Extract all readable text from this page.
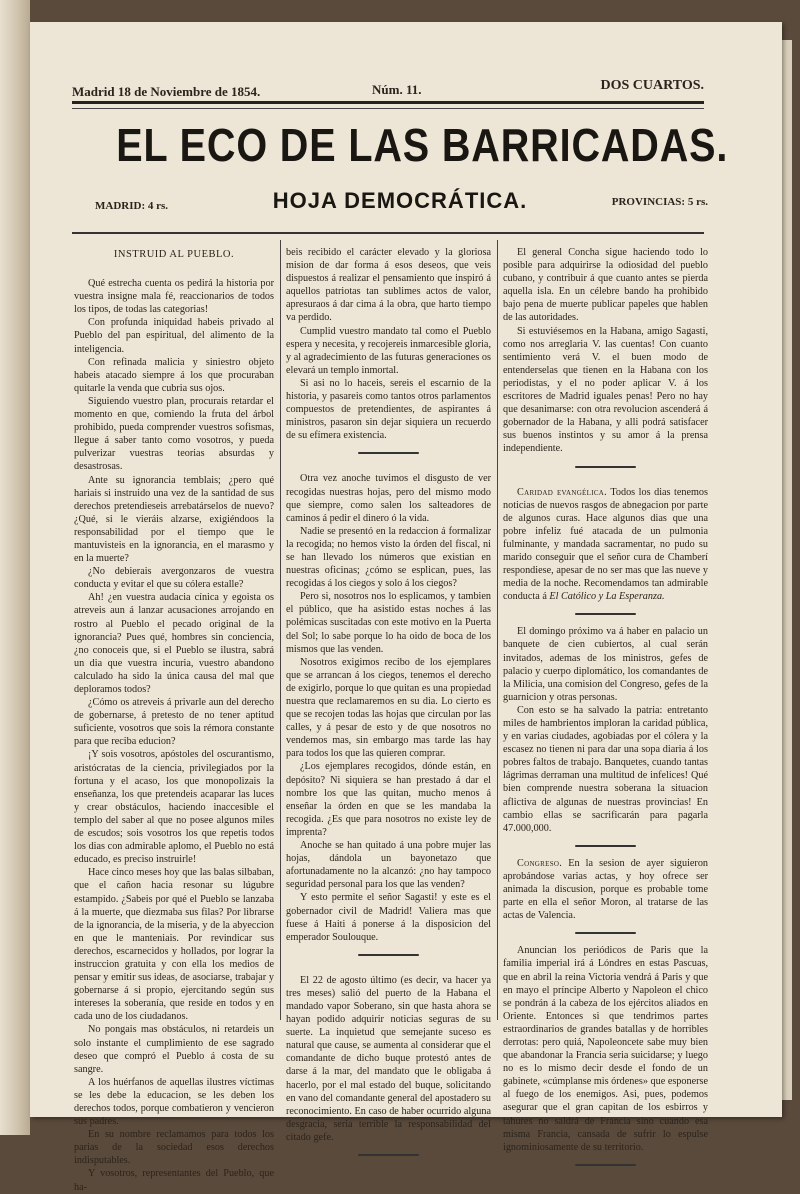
Madrid 18 de Noviembre de 1854.	Núm. 11.	DOS CUARTOS.
EL ECO DE LAS BARRICADAS.
MADRID: 4 rs.	HOJA DEMOCRÁTICA.	PROVINCIAS: 5 rs.

INSTRUID AL PUEBLO.

Qué estrecha cuenta os pedirá la historia por vuestra insigne mala fé, reaccionarios de todos los tipos, de todas las categorias!

Con profunda iniquidad habeis privado al Pueblo del pan espiritual, del alimento de la inteligencia.

Con refinada malicia y siniestro objeto habeis atacado siempre á los que procuraban quitarle la venda que cubria sus ojos.

Siguiendo vuestro plan, procurais retardar el momento en que, comiendo la fruta del árbol prohibido, pueda comprender vuestros sofismas, llegue á saber tanto como vosotros, y pueda pulverizar vuestras teorias absurdas y desastrosas.

Ante su ignorancia temblais; ¿pero qué hariais si instruido una vez de la santidad de sus derechos pretendieseis arrebatárselos de nuevo? ¿Qué, si le vieráis alzarse, exigiéndoos la responsabilidad por el tiempo que le mantuvisteis en la ignorancia, en el marasmo y en la muerte?

¿No debierais avergonzaros de vuestra conducta y evitar el que su cólera estalle?

Ah! ¿en vuestra audacia cínica y egoista os atreveis aun á lanzar acusaciones arrojando en rostro al Pueblo el pecado original de la ignorancia? Pues qué, hombres sin conciencia, ¿no conoceis que, si el Pueblo se ilustra, sabrá un dia que vuestra incuria, vuestro abandono calculado ha sido la única causa del mal que deploramos todos?

¿Cómo os atreveis á privarle aun del derecho de gobernarse, á pretesto de no tener aptitud suficiente, vosotros que sois la rémora constante para que reciba educion?

¡Y sois vosotros, apóstoles del oscurantismo, aristócratas de la ciencia, privilegiados por la fortuna y el acaso, los que monopolizais la enseñanza, los que pretendeis acaparar las luces y crear obstáculos, haciendo inaccesible el templo del saber al que no posee algunos miles de escudos; sois vosotros los que repetis todos los dias con admirable aplomo, el Pueblo no está educado, es preciso instruirle!

Hace cinco meses hoy que las balas silbaban, que el cañon hacia resonar su lúgubre estampido. ¿Sabeis por qué el Pueblo se lanzaba á la muerte, que diezmaba sus filas? Por librarse de la ignorancia, de la miseria, y de la abyeccion en que le manteniais. Por revindicar sus derechos, escarnecidos y hollados, por lograr la instruccion gratuita y con ella los medios de pensar y emitir sus ideas, de asociarse, trabajar y gobernarse á si propio, ejercitando según sus intereses la soberanía, que reside en todos y en cada uno de los ciudadanos.

No pongais mas obstáculos, ni retardeis un solo instante el cumplimiento de ese sagrado deseo que compró el Pueblo á costa de su sangre.

A los huérfanos de aquellas ilustres víctimas se les debe la educacion, se les deben los derechos todos, porque combatieron y vencieron sus padres.

En su nombre reclamamos para todos los parias de la sociedad esos derechos indisputables.

Y vosotros, representantes del Pueblo, que ha-

beis recibido el carácter elevado y la gloriosa mision de dar forma á esos deseos, que veis dispuestos á realizar el pensamiento que inspiró á aquellos patriotas tan sublimes actos de valor, apresuraos á dar cima á la obra, que harto tiempo va perdido.

Cumplid vuestro mandato tal como el Pueblo espera y necesita, y recojereis inmarcesible gloria, y al agradecimiento de las futuras generaciones os elevará un templo inmortal.

Si asi no lo haceis, sereis el escarnio de la historia, y pasareis como tantos otros parlamentos compuestos de pretendientes, de aspirantes á ministros, pasaron sin dejar siquiera un recuerdo de su efímera existencia.

Otra vez anoche tuvimos el disgusto de ver recogidas nuestras hojas, pero del mismo modo que siempre, como salen los salteadores de caminos á pedir el dinero ó la vida.

Nadie se presentó en la redaccion á formalizar la recogida; no hemos visto la órden del fiscal, ni se han llevado los números que existian en nuestras oficinas; ¿cómo se esplican, pues, las recogidas á los ciegos y solo á los ciegos?

Pero si, nosotros nos lo esplicamos, y tambien el público, que ha asistido estas noches á las polémicas suscitadas con este motivo en la Puerta del Sol; lo sabe porque lo ha oido de boca de los mismos que las venden.

Nosotros exigimos recibo de los ejemplares que se arrancan á los ciegos, tenemos el derecho de exigirlo, porque lo que quitan es una propiedad nuestra que reclamaremos en su dia. Lo cierto es que se recojen todas las hojas que circulan por las calles, y á pesar de esto y de que nosotros no vendemos mas, sin embargo mas tarde las hay para todos los que las quieren comprar.

¿Los ejemplares recogidos, dónde están, en depósito? Ni siquiera se han prestado á dar el nombre los que las quitan, mucho menos á enseñar la órden en que se les mandaba la recogida. ¿Es que para nosotros no existe ley de imprenta?

Anoche se han quitado á una pobre mujer las hojas, dándola un bayonetazo que afortunadamente no la alcanzó: ¿no hay tampoco seguridad personal para los que las venden?

Y esto permite el señor Sagasti! y este es el gobernador civil de Madrid! Valiera mas que fuese á Haiti á ponerse á la disposicion del emperador Soulouque.

El 22 de agosto último (es decir, va hacer ya tres meses) salió del puerto de la Habana el mandado vapor Soberano, sin que hasta ahora se hayan podido adquirir noticias seguras de su suerte. La inquietud que semejante suceso es natural que cause, se aumenta al considerar que el comandante de dicho buque protestó antes de darse á la mar, del mandato que le obligaba á hacerlo, por el mal estado del buque, solicitando en vano del comandante general del apostadero su reconocimiento. En caso de haber ocurrido alguna desgracia, seria terrible la responsabilidad del citado gefe.

El general Concha sigue haciendo todo lo posible para adquirirse la odiosidad del pueblo cubano, y contribuir á que cuanto antes se pierda aquella isla. En un célebre bando ha prohibido bajo pena de muerte publicar papeles que hablen de las autoridades.

Si estuviésemos en la Habana, amigo Sagasti, como nos arreglaria V. las cuentas! Con cuanto sentimiento verá V. el buen modo de entenderselas que tienen en la Habana con los periodistas, y el no poder aplicar V. á los escritores de Madrid iguales penas! Pero no hay que desanimarse: con otra revolucion ascenderá á gobernador de la Habana, y alli podrá satisfacer sus buenos instintos y su amor á la prensa independiente.

Caridad evangélica. Todos los dias tenemos noticias de nuevos rasgos de abnegacion por parte de algunos curas. Hace algunos dias que una pobre infeliz fué atacada de un pulmonia fulminante, y mandada sacramentar, no pudo su marido conseguir que el señor cura de Chamberí respondiese, apesar de no ser mas que las nueve y media de la noche. Recomendamos tan admirable conducta á El Católico y La Esperanza.

El domingo próximo va á haber en palacio un banquete de cien cubiertos, al cual serán invitados, ademas de los ministros, gefes de palacio y cuerpo diplomático, los comandantes de la Milicia, una comision del Congreso, gefes de la guarnicion y otras personas.

Con esto se ha salvado la patria: entretanto miles de hambrientos imploran la caridad pública, y en varias ciudades, agobiadas por el cólera y la escasez no tienen ni para dar una sopa diaria á los pobres faltos de trabajo. Banquetes, cuando tantas lágrimas derraman una multitud de infelices! Qué bien comprende nuestra soberana la situacion aflictiva de algunas de nuestras provincias! En cambio ellas se sacrificarán para pagarla 47.000,000.

Congreso. En la sesion de ayer siguieron aprobándose varias actas, y hoy ofrece ser animada la discusion, porque es probable tome parte en ella el señor Moron, al tratarse de las actas de Valencia.

Anuncian los periódicos de Paris que la familia imperial irá á Lóndres en estas Pascuas, que en abril la reina Victoria vendrá á Paris y que en mayo el príncipe Alberto y Napoleon el chico se pondrán á la cabeza de los ejércitos aliados en Oriente. Entonces si que tendrimos partes estraordinarios de grandes batallas y de horribles derrotas: pero quiá, Napoleoncete sabe muy bien que abandonar la Francia seria suicidarse; y luego no es lo mismo decir desde el fondo de un gabinete, «cúmplanse mis órdenes» que esponerse al fuego de los enemigos. Asi, pues, podemos asegurar que el gran capitan de los esbirros y tahures no saldrá de Francia sino cuando esa misma Francia, cansada de sufrir lo espulse ignominiosamente de su territorio.
